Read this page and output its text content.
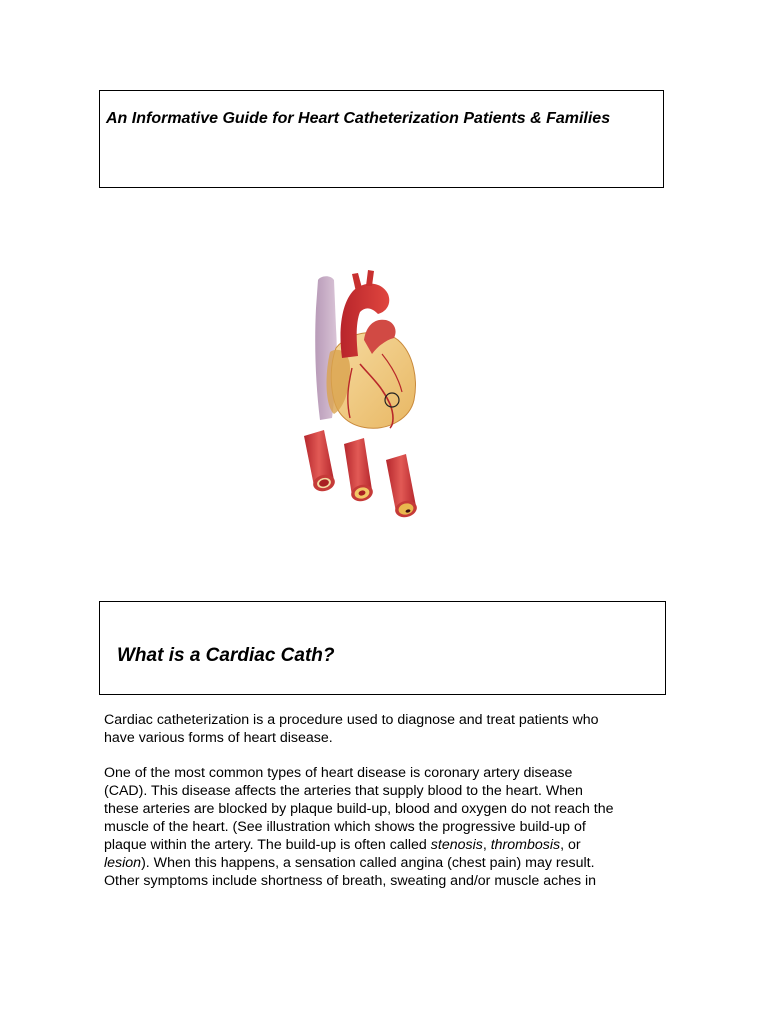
An Informative Guide for Heart Catheterization Patients & Families
What is a Cardiac Cath?

Cardiac catheterization is a procedure used to diagnose and treat patients who
have various forms of heart disease.

One of the most common types of heart disease is coronary artery disease
(CAD). This disease affects the arteries that supply blood to the heart. When
these arteries are blocked by plaque build-up, blood and oxygen do not reach the
muscle of the heart. (See illustration which shows the progressive build-up of
plaque within the artery. The build-up is often called stenosis, thrombosis, or
lesion). When this happens, a sensation called angina (chest pain) may result.
Other symptoms include shortness of breath, sweating and/or muscle aches in
